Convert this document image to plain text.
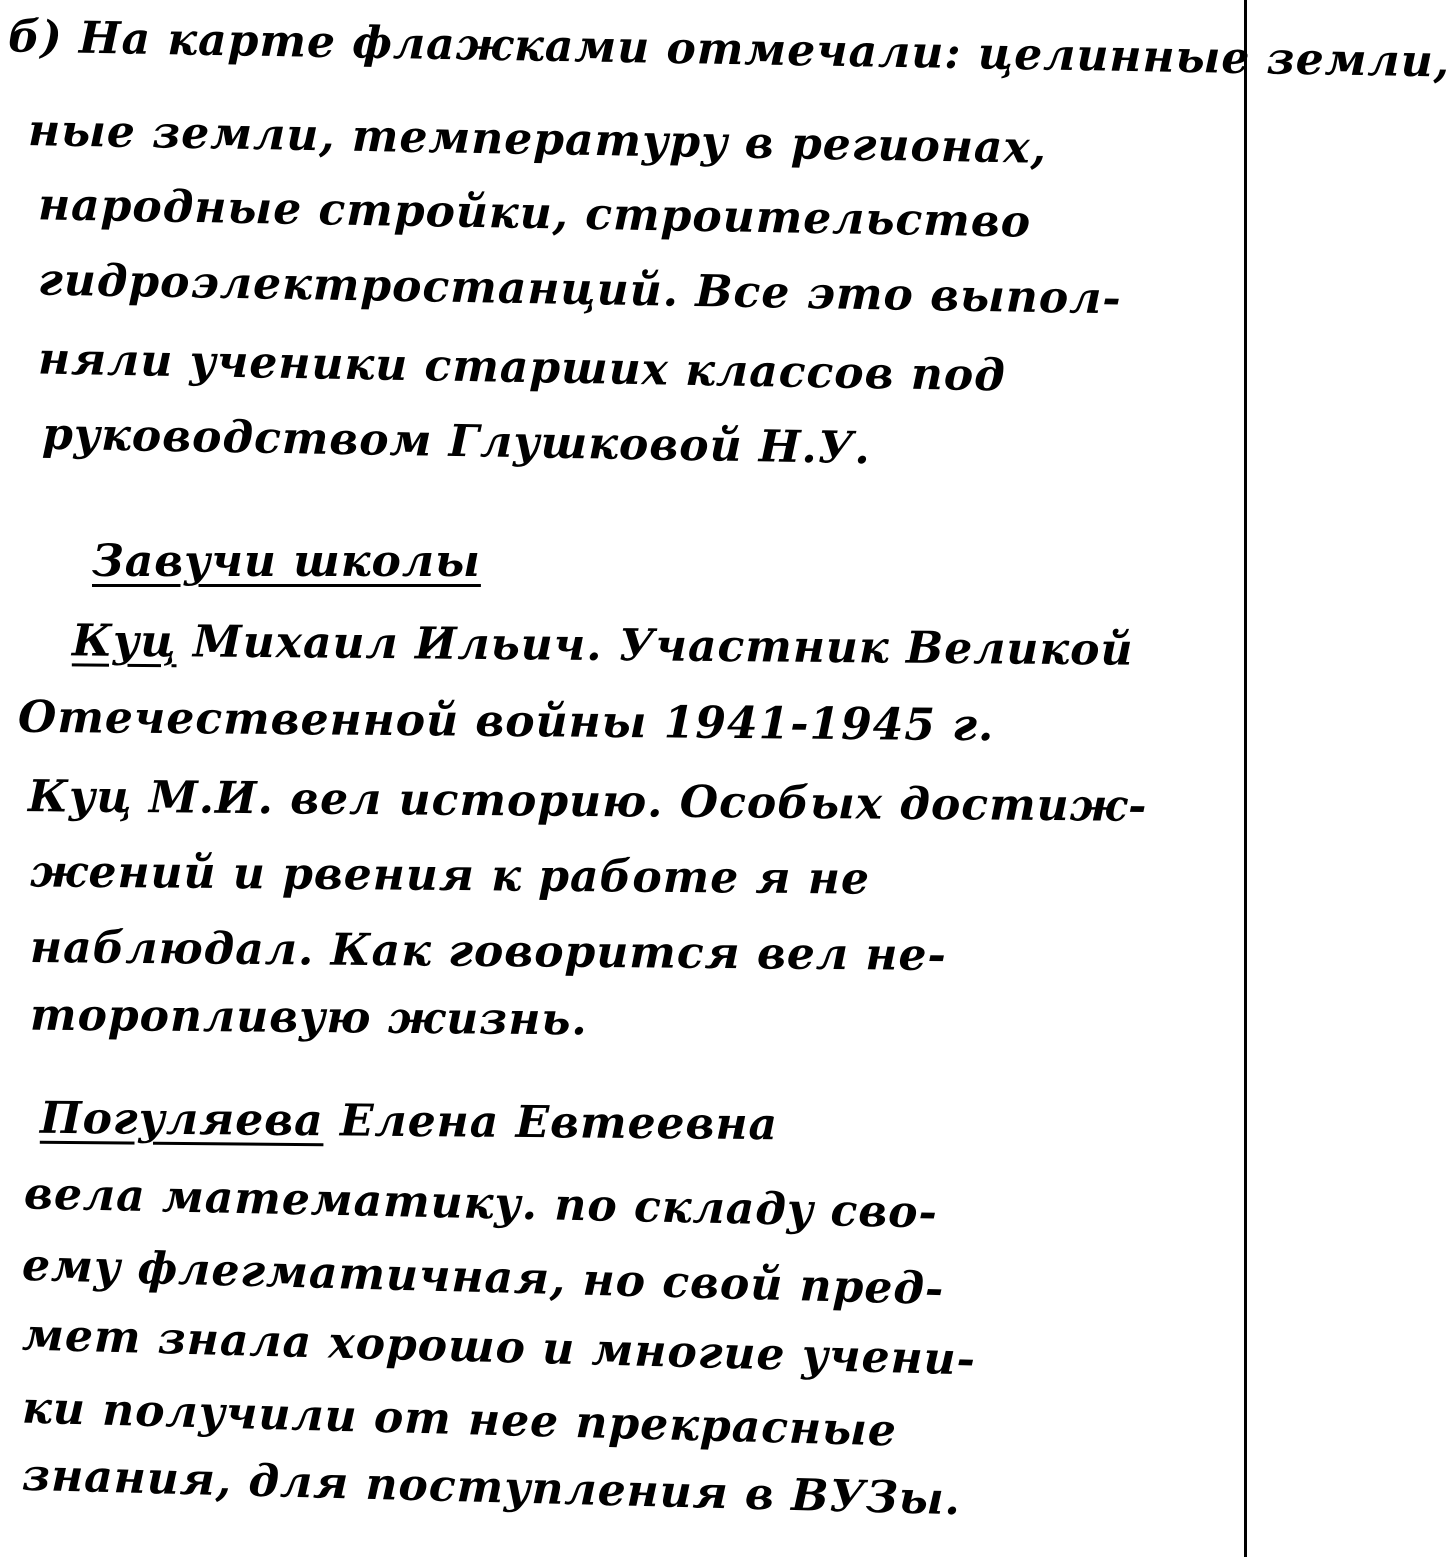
б) На карте флажками отмечали: целинные земли,
ные земли, температуру в регионах,
народные стройки, строительство
гидроэлектростанций. Все это выпол-
няли ученики старших классов под
руководством Глушковой Н.У.
Завучи школы
Куц Михаил Ильич. Участник Великой
Отечественной войны 1941-1945 г.
Куц М.И. вел историю. Особых достиж-
жений и рвения к работе я не
наблюдал. Как говорится вел не-
торопливую жизнь.
Погуляева Елена Евтеевна
вела математику. по складу сво-
ему флегматичная, но свой пред-
мет знала хорошо и многие учени-
ки получили от нее прекрасные
знания, для поступления в ВУЗы.
